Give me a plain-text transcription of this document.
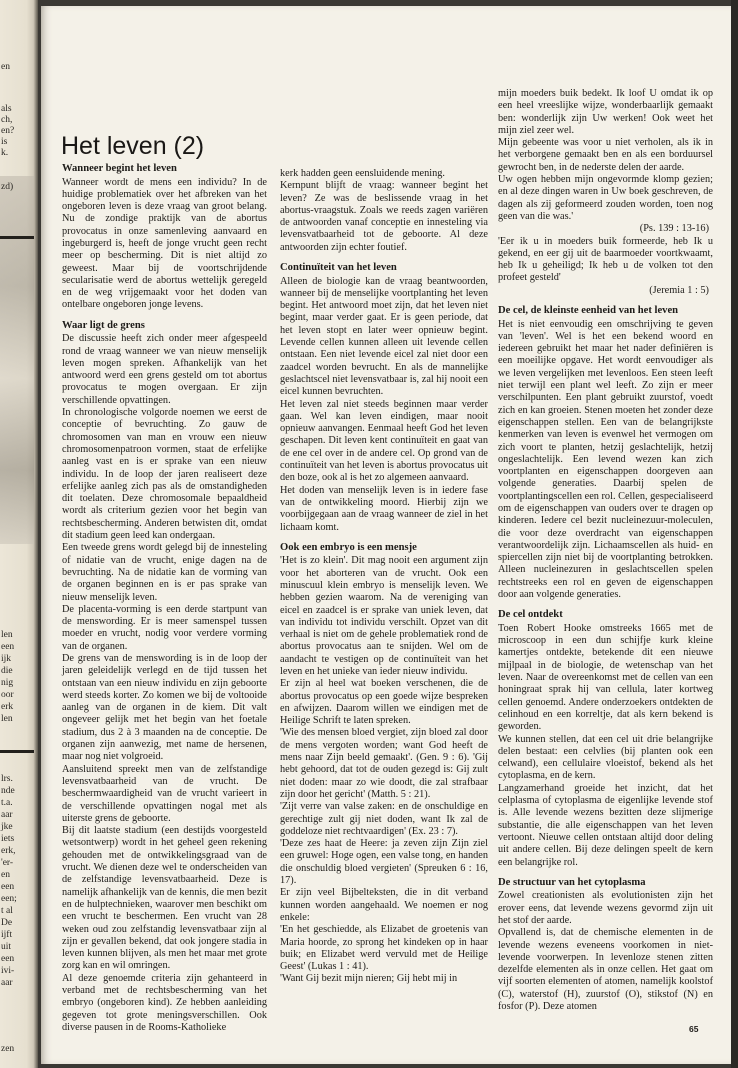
en
als
ch,
en?
is
k.
zd)
len
een
ijk
die
nig
oor
erk
len
lrs.
nde
t.a.
aar
jke
iets
erk,
'er-
en
een
een;
t al
De
ijft
uit
een
ivi-
aar
zen
Het leven (2)
Wanneer begint het leven

Wanneer wordt de mens een individu? In de huidige problematiek over het afbreken van het ongeboren leven is deze vraag van groot belang. Nu de zondige praktijk van de abortus provocatus in onze samenleving aanvaard en ingeburgerd is, heeft de jonge vrucht geen recht meer op bescherming. Dit is niet altijd zo geweest. Maar bij de voortschrijdende secularisatie werd de abortus wettelijk geregeld en de weg vrijgemaakt voor het doden van ontelbare ongeboren jonge levens.

Waar ligt de grens

De discussie heeft zich onder meer afgespeeld rond de vraag wanneer we van nieuw menselijk leven mogen spreken. Afhankelijk van het antwoord werd een grens gesteld om tot abortus provocatus te mogen overgaan. Er zijn verschillende opvattingen.

In chronologische volgorde noemen we eerst de conceptie of bevruchting. Zo gauw de chromosomen van man en vrouw een nieuw chromosomenpatroon vormen, staat de erfelijke aanleg vast en is er sprake van een nieuw individu. In de loop der jaren realiseert deze erfelijke aanleg zich pas als de omstandigheden dit toelaten. Deze chromosomale bepaaldheid wordt als criterium gezien voor het begin van rechtsbescherming. Anderen betwisten dit, omdat dit stadium geen leed kan ondergaan.

Een tweede grens wordt gelegd bij de innesteling of nidatie van de vrucht, enige dagen na de bevruchting. Na de nidatie kan de vorming van de organen beginnen en is er pas sprake van nieuw menselijk leven.

De placenta-vorming is een derde startpunt van de menswording. Er is meer samenspel tussen moeder en vrucht, nodig voor verdere vorming van de organen.

De grens van de menswording is in de loop der jaren geleidelijk verlegd en de tijd tussen het ontstaan van een nieuw individu en zijn geboorte werd steeds korter. Zo komen we bij de voltooide aanleg van de organen in de kiem. Dit valt ongeveer gelijk met het begin van het foetale stadium, dus 2 à 3 maanden na de conceptie. De organen zijn aanwezig, met name de hersenen, maar nog niet volgroeid.

Aansluitend spreekt men van de zelfstandige levensvatbaarheid van de vrucht. De beschermwaardigheid van de vrucht varieert in de verschillende opvattingen nogal met als uiterste grens de geboorte.

Bij dit laatste stadium (een destijds voorgesteld wetsontwerp) wordt in het geheel geen rekening gehouden met de ontwikkelingsgraad van de vrucht. We dienen deze wel te onderscheiden van de zelfstandige levensvatbaarheid. Deze is namelijk afhankelijk van de kennis, die men bezit en de hulptechnieken, waarover men beschikt om een vrucht te beschermen. Een vrucht van 28 weken oud zou zelfstandig levensvatbaar zijn al zijn er gevallen bekend, dat ook jongere stadia in leven kunnen blijven, als men het maar met grote zorg kan en wil omringen.

Al deze genoemde criteria zijn gehanteerd in verband met de rechtsbescherming van het embryo (ongeboren kind). Ze hebben aanleiding gegeven tot grote meningsverschillen. Ook diverse pausen in de Rooms-Katholieke

kerk hadden geen eensluidende mening.

Kernpunt blijft de vraag: wanneer begint het leven? Ze was de beslissende vraag in het abortus-vraagstuk. Zoals we reeds zagen variëren de antwoorden vanaf conceptie en innesteling via levensvatbaarheid tot de geboorte. Al deze antwoorden zijn echter foutief.

Continuïteit van het leven

Alleen de biologie kan de vraag beantwoorden, wanneer bij de menselijke voortplanting het leven begint. Het antwoord moet zijn, dat het leven niet begint, maar verder gaat. Er is geen periode, dat het leven stopt en later weer opnieuw begint. Levende cellen kunnen alleen uit levende cellen ontstaan. Een niet levende eicel zal niet door een zaadcel worden bevrucht. En als de mannelijke geslachtscel niet levensvatbaar is, zal hij nooit een eicel kunnen bevruchten.

Het leven zal niet steeds beginnen maar verder gaan. Wel kan leven eindigen, maar nooit opnieuw aanvangen. Eenmaal heeft God het leven geschapen. Dit leven kent continuïteit en gaat van de ene cel over in de andere cel. Op grond van de continuïteit van het leven is abortus provocatus uit den boze, ook al is het zo algemeen aanvaard.

Het doden van menselijk leven is in iedere fase van de ontwikkeling moord. Hierbij zijn we voorbijgegaan aan de vraag wanneer de ziel in het lichaam komt.

Ook een embryo is een mensje

'Het is zo klein'. Dit mag nooit een argument zijn voor het aborteren van de vrucht. Ook een minuscuul klein embryo is menselijk leven. We hebben gezien waarom. Na de vereniging van eicel en zaadcel is er sprake van uniek leven, dat van individu tot individu verschilt. Opzet van dit verhaal is niet om de gehele problematiek rond de abortus provocatus aan te snijden. Wel om de aandacht te vestigen op de continuïteit van het leven en het unieke van ieder nieuw individu.

Er zijn al heel wat boeken verschenen, die de abortus provocatus op een goede wijze bespreken en afwijzen. Daarom willen we eindigen met de Heilige Schrift te laten spreken.

'Wie des mensen bloed vergiet, zijn bloed zal door de mens vergoten worden; want God heeft de mens naar Zijn beeld gemaakt'. (Gen. 9 : 6). 'Gij hebt gehoord, dat tot de ouden gezegd is: Gij zult niet doden: maar zo wie doodt, die zal strafbaar zijn door het gericht' (Matth. 5 : 21).

'Zijt verre van valse zaken: en de onschuldige en gerechtige zult gij niet doden, want Ik zal de goddeloze niet rechtvaardigen' (Ex. 23 : 7).

'Deze zes haat de Heere: ja zeven zijn Zijn ziel een gruwel: Hoge ogen, een valse tong, en handen die onschuldig bloed vergieten' (Spreuken 6 : 16, 17).

Er zijn veel Bijbelteksten, die in dit verband kunnen worden aangehaald. We noemen er nog enkele:

'En het geschiedde, als Elizabet de groetenis van Maria hoorde, zo sprong het kindeken op in haar buik; en Elizabet werd vervuld met de Heilige Geest' (Lukas 1 : 41).

'Want Gij bezit mijn nieren; Gij hebt mij in

mijn moeders buik bedekt. Ik loof U omdat ik op een heel vreeslijke wijze, wonderbaarlijk gemaakt ben: wonderlijk zijn Uw werken! Ook weet het mijn ziel zeer wel.

Mijn gebeente was voor u niet verholen, als ik in het verborgene gemaakt ben en als een borduursel gewrocht ben, in de nederste delen der aarde.

Uw ogen hebben mijn ongevormde klomp gezien; en al deze dingen waren in Uw boek geschreven, de dagen als zij geformeerd zouden worden, toen nog geen van die was.'

(Ps. 139 : 13-16)

'Eer ik u in moeders buik formeerde, heb Ik u gekend, en eer gij uit de baarmoeder voortkwaamt, heb Ik u geheiligd; Ik heb u de volken tot den profeet gesteld'

(Jeremia 1 : 5)

De cel, de kleinste eenheid van het leven

Het is niet eenvoudig een omschrijving te geven van 'leven'. Wel is het een bekend woord en iedereen gebruikt het maar het nader definiëren is een moeilijke opgave. Het wordt eenvoudiger als we leven vergelijken met levenloos. Een steen leeft niet terwijl een plant wel leeft. Zo zijn er meer verschilpunten. Een plant gebruikt zuurstof, voedt zich en kan groeien. Stenen moeten het zonder deze eigenschappen stellen. Een van de belangrijkste kenmerken van leven is evenwel het vermogen om zich voort te planten, hetzij geslachtelijk, hetzij ongeslachtelijk. Een levend wezen kan zich voortplanten en eigenschappen doorgeven aan volgende generaties. Daarbij spelen de voortplantingscellen een rol. Cellen, gespecialiseerd om de eigenschappen van ouders over te dragen op kinderen. Iedere cel bezit nucleinezuur-moleculen, die voor deze overdracht van eigenschappen verantwoordelijk zijn. Lichaamscellen als huid- en spiercellen zijn niet bij de voortplanting betrokken. Alleen nucleinezuren in geslachtscellen spelen rechtstreeks een rol en geven de eigenschappen door aan volgende generaties.

De cel ontdekt

Toen Robert Hooke omstreeks 1665 met de microscoop in een dun schijfje kurk kleine kamertjes ontdekte, betekende dit een nieuwe mijlpaal in de biologie, de wetenschap van het leven. Naar de overeenkomst met de cellen van een honingraat sprak hij van cellula, later kortweg cellen genoemd. Andere onderzoekers ontdekten de celinhoud en een korreltje, dat als kern bekend is geworden.

We kunnen stellen, dat een cel uit drie belangrijke delen bestaat: een celvlies (bij planten ook een celwand), een cellulaire vloeistof, bekend als het cytoplasma, en de kern.

Langzamerhand groeide het inzicht, dat het celplasma of cytoplasma de eigenlijke levende stof is. Alle levende wezens bezitten deze slijmerige substantie, die alle eigenschappen van het leven vertoont. Nieuwe cellen ontstaan altijd door deling uit andere cellen. Bij deze delingen speelt de kern een belangrijke rol.

De structuur van het cytoplasma

Zowel creationisten als evolutionisten zijn het erover eens, dat levende wezens gevormd zijn uit het stof der aarde.

Opvallend is, dat de chemische elementen in de levende wezens eveneens voorkomen in niet-levende voorwerpen. In levenloze stenen zitten dezelfde elementen als in onze cellen. Het gaat om vijf soorten elementen of atomen, namelijk koolstof (C), waterstof (H), zuurstof (O), stikstof (N) en fosfor (P). Deze atomen

65
